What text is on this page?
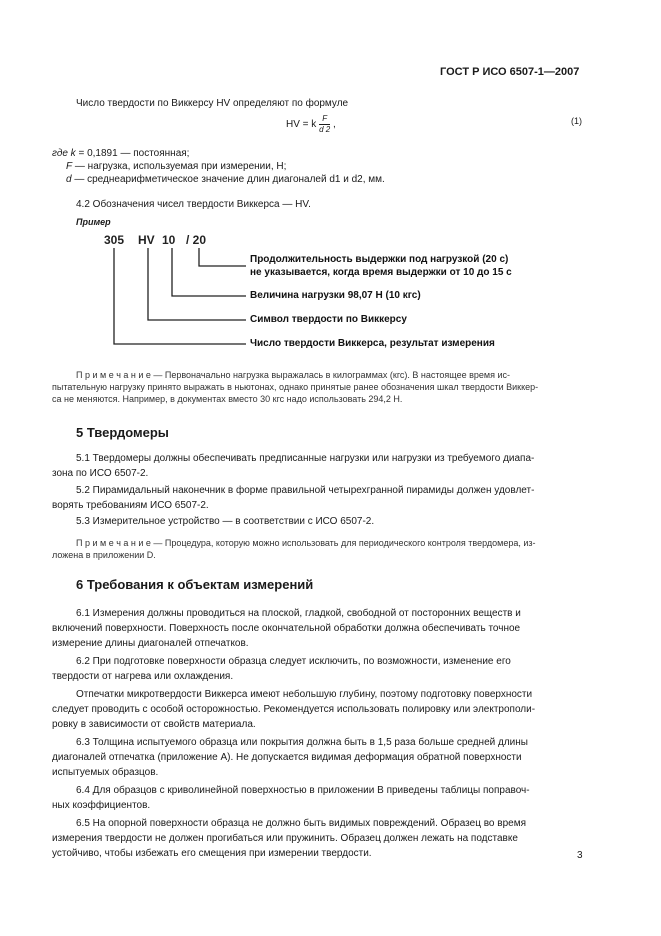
ГОСТ Р ИСО 6507-1—2007
Число твердости по Виккерсу HV определяют по формуле
HV = k $\frac{F}{d 2}$ ,	(1)
где k = 0,1891 — постоянная;
F — нагрузка, используемая при измерении, Н;
d — среднеарифметическое значение длин диагоналей d1 и d2, мм.
4.2 Обозначения чисел твердости Виккерса — HV.
Пример
305 HV 10 / 20
Продолжительность выдержки под нагрузкой (20 с)
не указывается, когда время выдержки от 10 до 15 с
Величина нагрузки 98,07 Н (10 кгс)
Символ твердости по Виккерсу
Число твердости Виккерса, результат измерения
П р и м е ч а н и е — Первоначально нагрузка выражалась в килограммах (кгс). В настоящее время ис-
пытательную нагрузку принято выражать в ньютонах, однако принятые ранее обозначения шкал твердости Виккер-
са не меняются. Например, в документах вместо 30 кгс надо использовать 294,2 Н.
5 Твердомеры
5.1 Твердомеры должны обеспечивать предписанные нагрузки или нагрузки из требуемого диапа-
зона по ИСО 6507-2.
5.2 Пирамидальный наконечник в форме правильной четырехгранной пирамиды должен удовлет-
ворять требованиям ИСО 6507-2.
5.3 Измерительное устройство — в соответствии с ИСО 6507-2.
П р и м е ч а н и е — Процедура, которую можно использовать для периодического контроля твердомера, из-
ложена в приложении D.
6 Требования к объектам измерений
6.1 Измерения должны проводиться на плоской, гладкой, свободной от посторонних веществ и
включений поверхности. Поверхность после окончательной обработки должна обеспечивать точное
измерение длины диагоналей отпечатков.
6.2 При подготовке поверхности образца следует исключить, по возможности, изменение его
твердости от нагрева или охлаждения.
Отпечатки микротвердости Виккерса имеют небольшую глубину, поэтому подготовку поверхности
следует проводить с особой осторожностью. Рекомендуется использовать полировку или электрополи-
ровку в зависимости от свойств материала.
6.3 Толщина испытуемого образца или покрытия должна быть в 1,5 раза больше средней длины
диагоналей отпечатка (приложение А). Не допускается видимая деформация обратной поверхности
испытуемых образцов.
6.4 Для образцов с криволинейной поверхностью в приложении В приведены таблицы поправоч-
ных коэффициентов.
6.5 На опорной поверхности образца не должно быть видимых повреждений. Образец во время
измерения твердости не должен прогибаться или пружинить. Образец должен лежать на подставке
устойчиво, чтобы избежать его смещения при измерении твердости.	3
